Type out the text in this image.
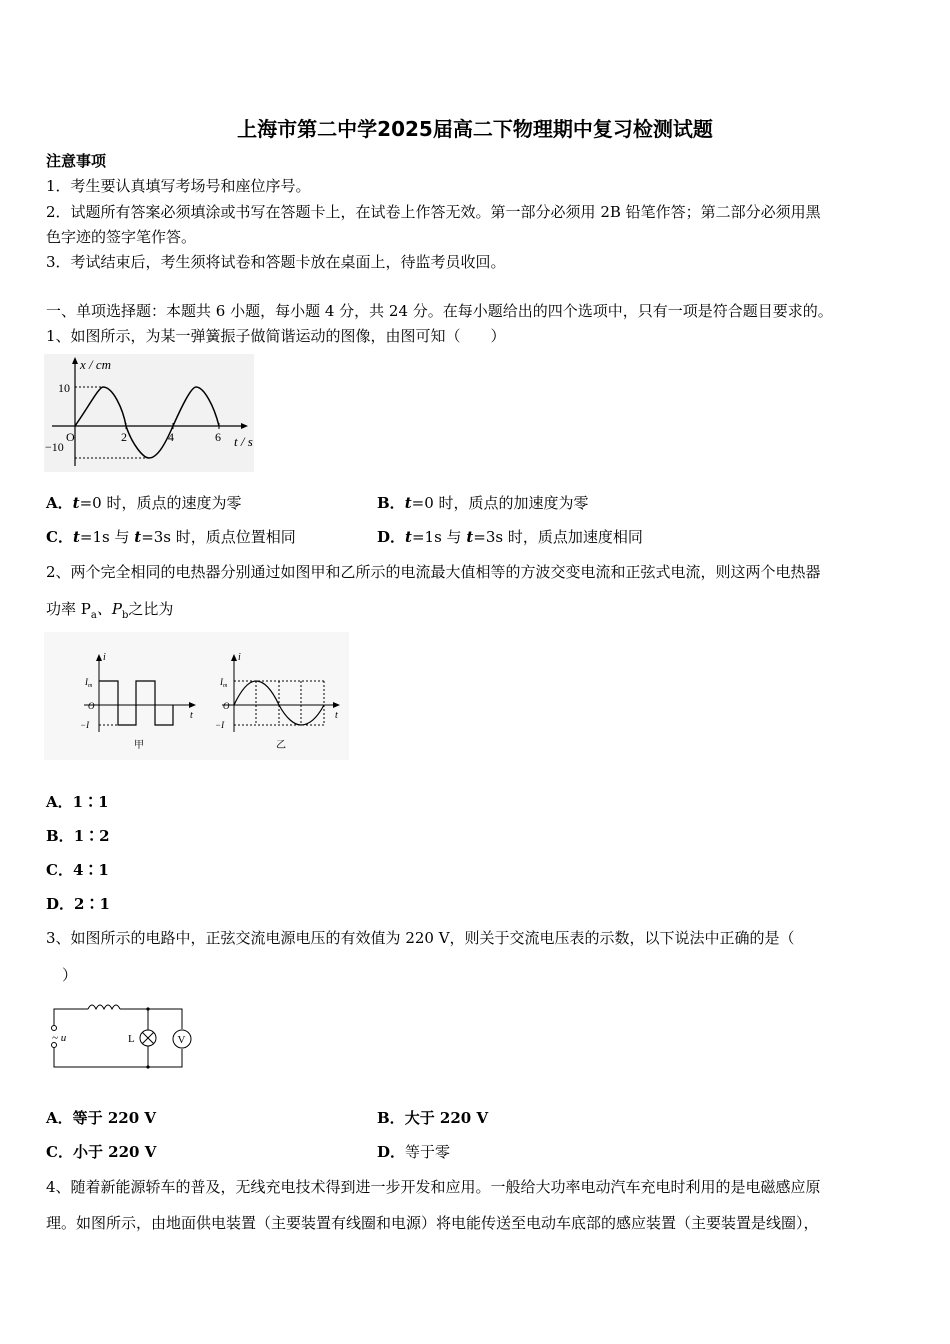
上海市第二中学2025届高二下物理期中复习检测试题
注意事项
1．考生要认真填写考场号和座位序号。
2．试题所有答案必须填涂或书写在答题卡上，在试卷上作答无效。第一部分必须用 2B 铅笔作答；第二部分必须用黑
色字迹的签字笔作答。
3．考试结束后，考生须将试卷和答题卡放在桌面上，待监考员收回。
一、单项选择题：本题共 6 小题，每小题 4 分，共 24 分。在每小题给出的四个选项中，只有一项是符合题目要求的。
1、如图所示，为某一弹簧振子做简谐运动的图像，由图可知（　　）
x / cm
10
−10
O	2	4	6 t / s
A．t=0 时，质点的速度为零	B．t=0 时，质点的加速度为零
C．t=1s 与 t=3s 时，质点位置相同	D．t=1s 与 t=3s 时，质点加速度相同
2、两个完全相同的电热器分别通过如图甲和乙所示的电流最大值相等的方波交变电流和正弦式电流，则这两个电热器
功率 $P_a$、$P_b$之比为
i
t
$I_m$
O
−I
甲
i
t
$I_m$
O
−I
乙
A．1∶1
B．1∶2
C．4∶1
D．2∶1
3、如图所示的电路中，正弦交流电源电压的有效值为 220 V，则关于交流电压表的示数，以下说法中正确的是（
）
V
L
~ u
A．等于 220 V	B．大于 220 V
C．小于 220 V	D．等于零
4、随着新能源轿车的普及，无线充电技术得到进一步开发和应用。一般给大功率电动汽车充电时利用的是电磁感应原
理。如图所示，由地面供电装置（主要装置有线圈和电源）将电能传送至电动车底部的感应装置（主要装置是线圈），
